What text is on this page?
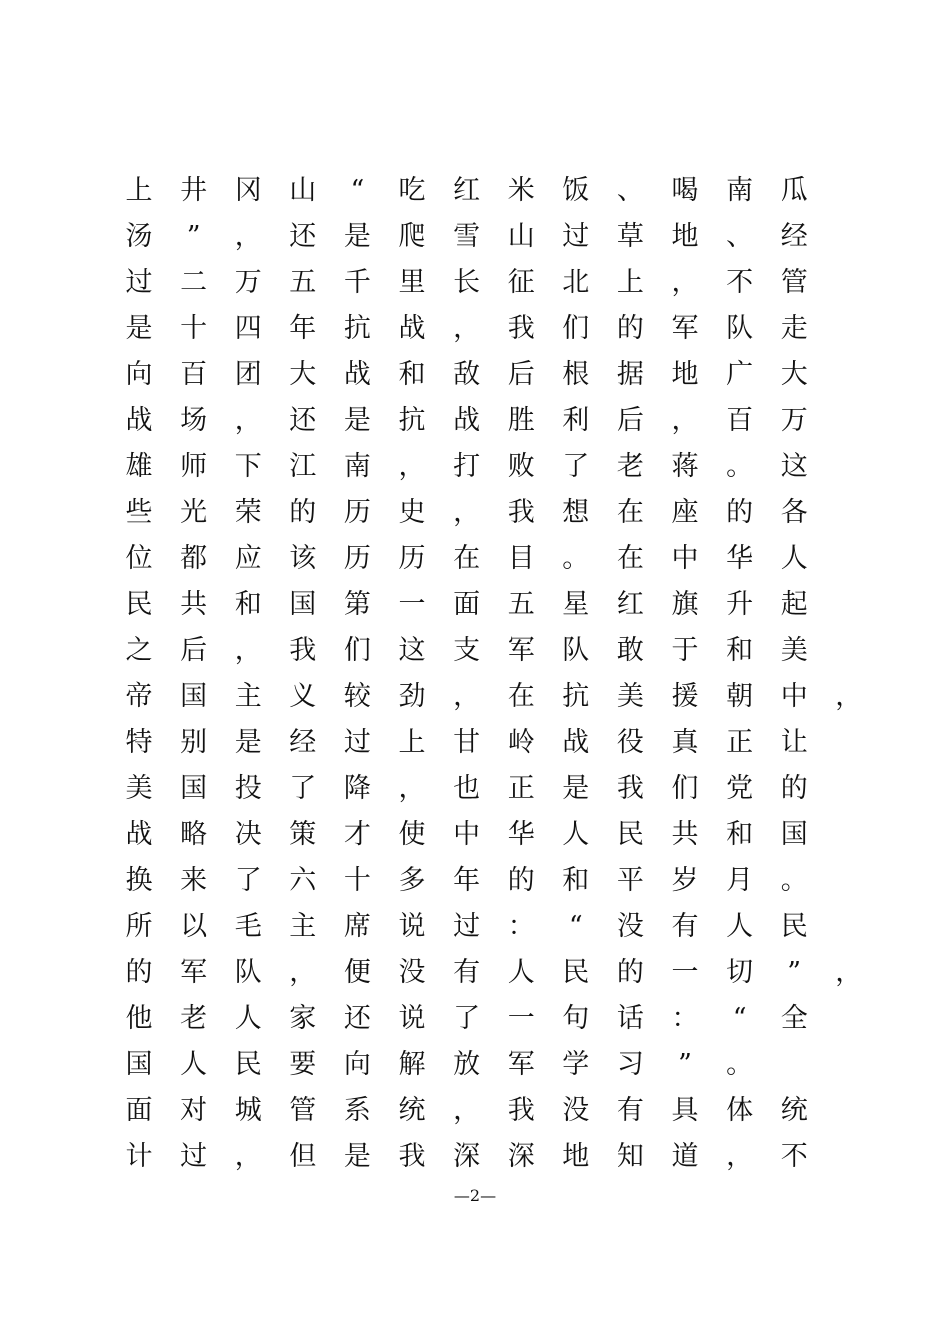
上 井 冈 山 “ 吃 红 米 饭 、 喝 南 瓜
汤 ” ， 还 是 爬 雪 山 过 草 地 、 经
过 二 万 五 千 里 长 征 北 上 ， 不 管
是 十 四 年 抗 战 ， 我 们 的 军 队 走
向 百 团 大 战 和 敌 后 根 据 地 广 大
战 场 ， 还 是 抗 战 胜 利 后 ， 百 万
雄 师 下 江 南 ， 打 败 了 老 蒋 。 这
些 光 荣 的 历 史 ， 我 想 在 座 的 各
位 都 应 该 历 历 在 目 。 在 中 华 人
民 共 和 国 第 一 面 五 星 红 旗 升 起
之 后 ， 我 们 这 支 军 队 敢 于 和 美
帝 国 主 义 较 劲 ， 在 抗 美 援 朝 中 ，
特 别 是 经 过 上 甘 岭 战 役 真 正 让
美 国 投 了 降 ， 也 正 是 我 们 党 的
战 略 决 策 才 使 中 华 人 民 共 和 国
换 来 了 六 十 多 年 的 和 平 岁 月 。
所 以 毛 主 席 说 过 ： “ 没 有 人 民
的 军 队 ， 便 没 有 人 民 的 一 切 ” ，
他 老 人 家 还 说 了 一 句 话 ： “ 全
国 人 民 要 向 解 放 军 学 习 ” 。
面 对 城 管 系 统 ， 我 没 有 具 体 统
计 过 ， 但 是 我 深 深 地 知 道 ， 不
—2—
